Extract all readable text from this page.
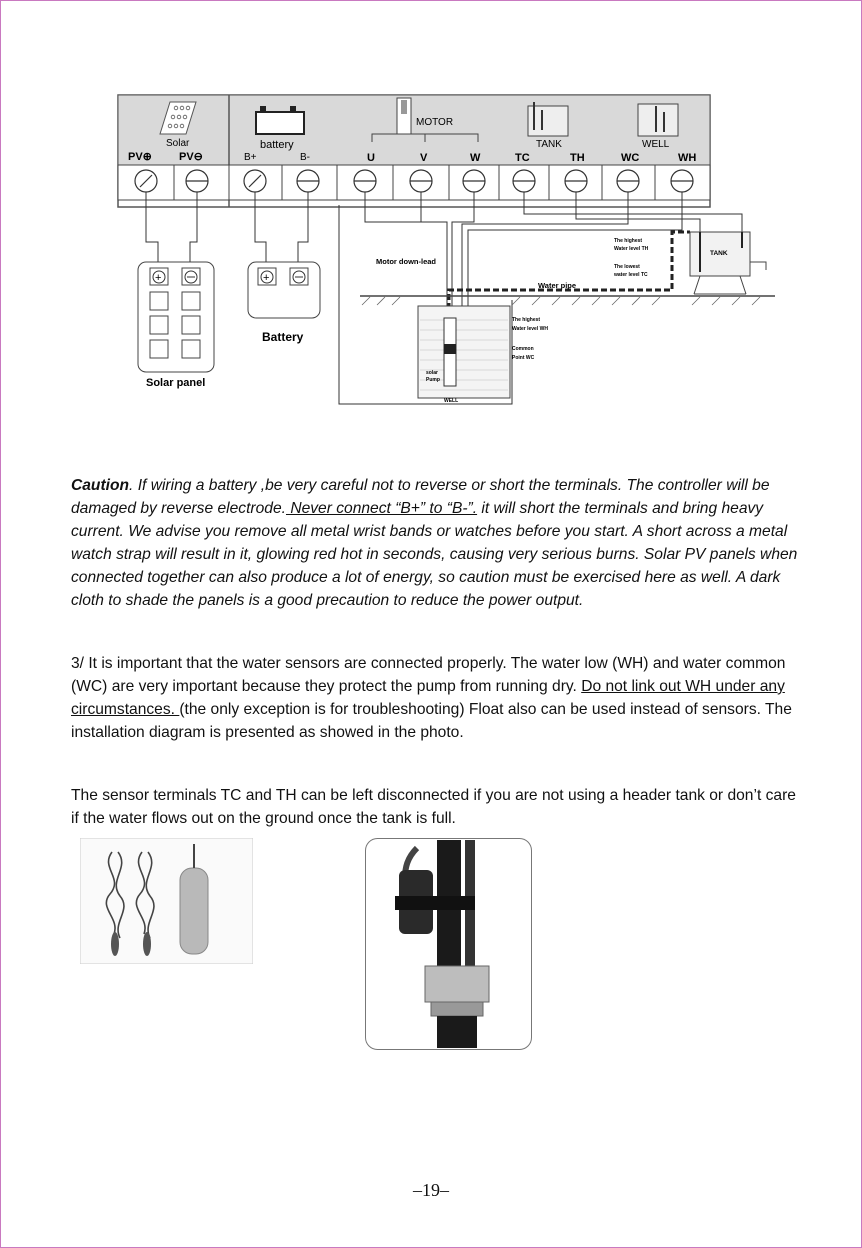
Solar	battery
MOTOR
TANK	WELL
PV⊕ PV⊖	B+	B-	U	V	W	TC	TH	WC	WH
+	+
Battery
Solar panel
Motor down-lead
Water pipe
TANK
The highest
Water level TH
The lowest
water level TC
The highest
Water level WH
Common
Point WC
solar
Pump
WELL
Caution. If wiring a battery ,be very careful not to reverse or short the terminals. The controller will be damaged by reverse electrode. Never connect “B+” to “B-”. it will short the terminals and bring heavy current. We advise you remove all metal wrist bands or watches before you start. A short across a metal watch strap will result in it, glowing red hot in seconds, causing very serious burns. Solar PV panels when connected together can also produce a lot of energy, so caution must be exercised here as well. A dark cloth to shade the panels is a good precaution to reduce the power output.
3/ It is important that the water sensors are connected properly. The water low (WH) and water common (WC) are very important because they protect the pump from running dry. Do not link out WH under any circumstances. (the only exception is for troubleshooting) Float also can be used instead of sensors. The installation diagram is presented as showed in the photo.
The sensor terminals TC and TH can be left disconnected if you are not using a header tank or don’t care if the water flows out on the ground once the tank is full.
–19–
